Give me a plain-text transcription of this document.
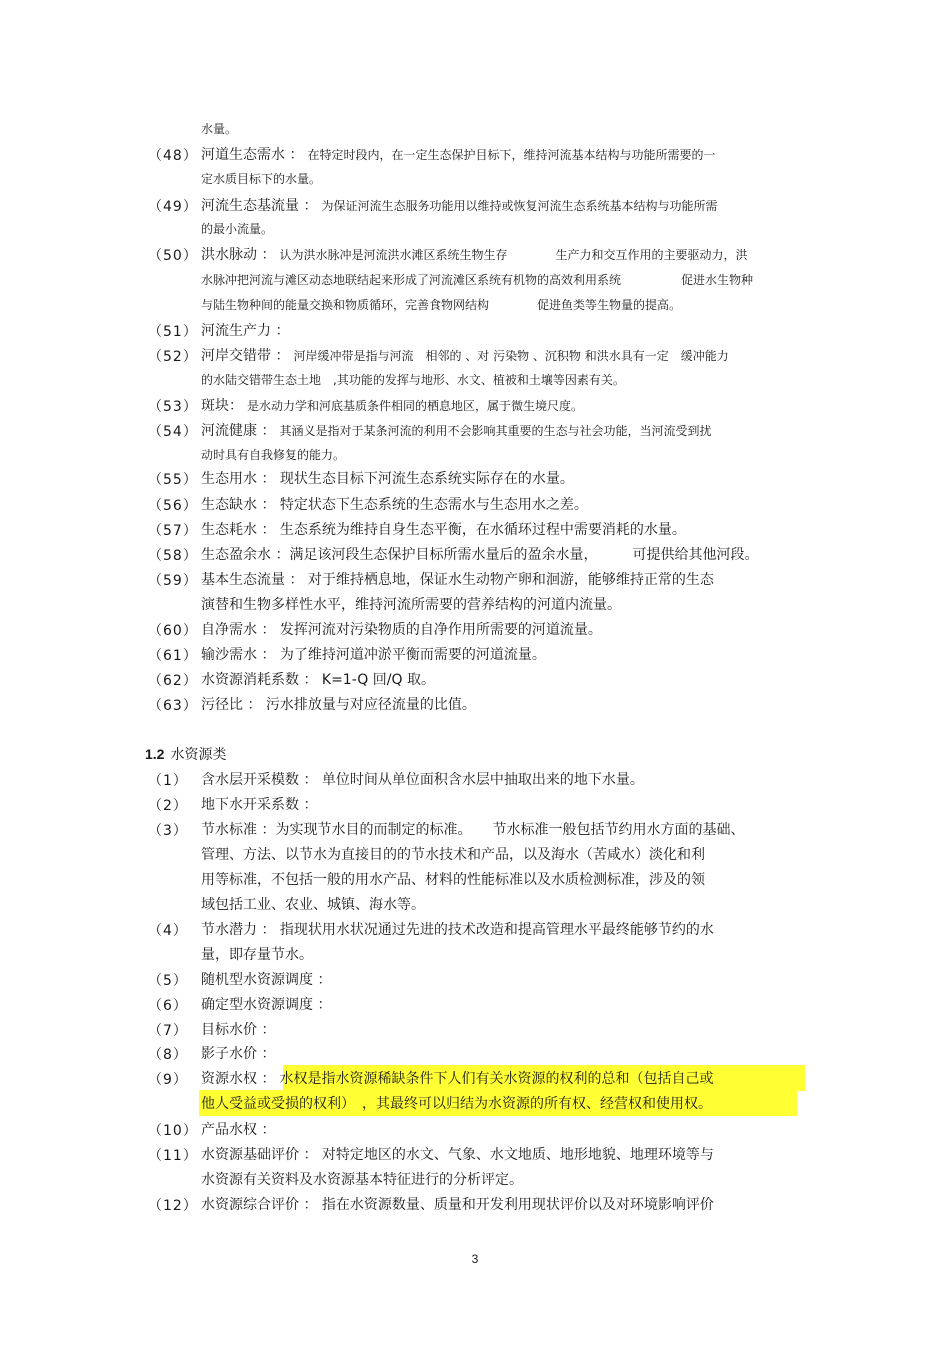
水量。
（48） 河道生态需水 ： 在特定时段内，在一定生态保护目标下，维持河流基本结构与功能所需要的一
定水质目标下的水量。
（49） 河流生态基流量 ： 为保证河流生态服务功能用以维持或恢复河流生态系统基本结构与功能所需
的最小流量。
（50） 洪水脉动 ： 认为洪水脉冲是河流洪水滩区系统生物生存　　　　生产力和交互作用的主要驱动力，洪
水脉冲把河流与滩区动态地联结起来形成了河流滩区系统有机物的高效利用系统　　　　　促进水生物种
与陆生物种间的能量交换和物质循环，完善食物网结构　　　　促进鱼类等生物量的提高。
（51） 河流生产力 ：
（52） 河岸交错带 ： 河岸缓冲带是指与河流　相邻的 、对 污染物 、沉积物 和洪水具有一定　缓冲能力
的水陆交错带生态土地　,其功能的发挥与地形、水文、植被和土壤等因素有关。
（53） 斑块： 是水动力学和河底基质条件相同的栖息地区，属于微生境尺度。
（54） 河流健康 ： 其涵义是指对于某条河流的利用不会影响其重要的生态与社会功能，当河流受到扰
动时具有自我修复的能力。
（55） 生态用水 ： 现状生态目标下河流生态系统实际存在的水量。
（56） 生态缺水 ： 特定状态下生态系统的生态需水与生态用水之差。
（57） 生态耗水 ： 生态系统为维持自身生态平衡，在水循环过程中需要消耗的水量。
（58） 生态盈余水 ：满足该河段生态保护目标所需水量后的盈余水量，　　　可提供给其他河段。
（59） 基本生态流量 ： 对于维持栖息地，保证水生动物产卵和洄游，能够维持正常的生态
演替和生物多样性水平，维持河流所需要的营养结构的河道内流量。
（60） 自净需水 ： 发挥河流对污染物质的自净作用所需要的河道流量。
（61） 输沙需水 ： 为了维持河道冲淤平衡而需要的河道流量。
（62） 水资源消耗系数 ： K=1-Q 回/Q 取。
（63） 污径比 ： 污水排放量与对应径流量的比值。
1.2 水资源类
（1） 含水层开采模数 ： 单位时间从单位面积含水层中抽取出来的地下水量。
（2） 地下水开采系数 ：
（3） 节水标准 ：为实现节水目的而制定的标准。　　节水标准一般包括节约用水方面的基础、
管理、方法、以节水为直接目的的节水技术和产品，以及海水（苦咸水）淡化和利
用等标准，不包括一般的用水产品、材料的性能标准以及水质检测标准，涉及的领
域包括工业、农业、城镇、海水等。
（4） 节水潜力 ： 指现状用水状况通过先进的技术改造和提高管理水平最终能够节约的水
量，即存量节水。
（5） 随机型水资源调度 ：
（6） 确定型水资源调度 ：
（7） 目标水价 ：
（8） 影子水价 ：
（9） 资源水权 ： 水权是指水资源稀缺条件下人们有关水资源的权利的总和（包括自己或
他人受益或受损的权利）　，其最终可以归结为水资源的所有权、经营权和使用权。
（10） 产品水权 ：
（11） 水资源基础评价 ： 对特定地区的水文、气象、水文地质、地形地貌、地理环境等与
水资源有关资料及水资源基本特征进行的分析评定。
（12） 水资源综合评价 ： 指在水资源数量、质量和开发利用现状评价以及对环境影响评价
3
